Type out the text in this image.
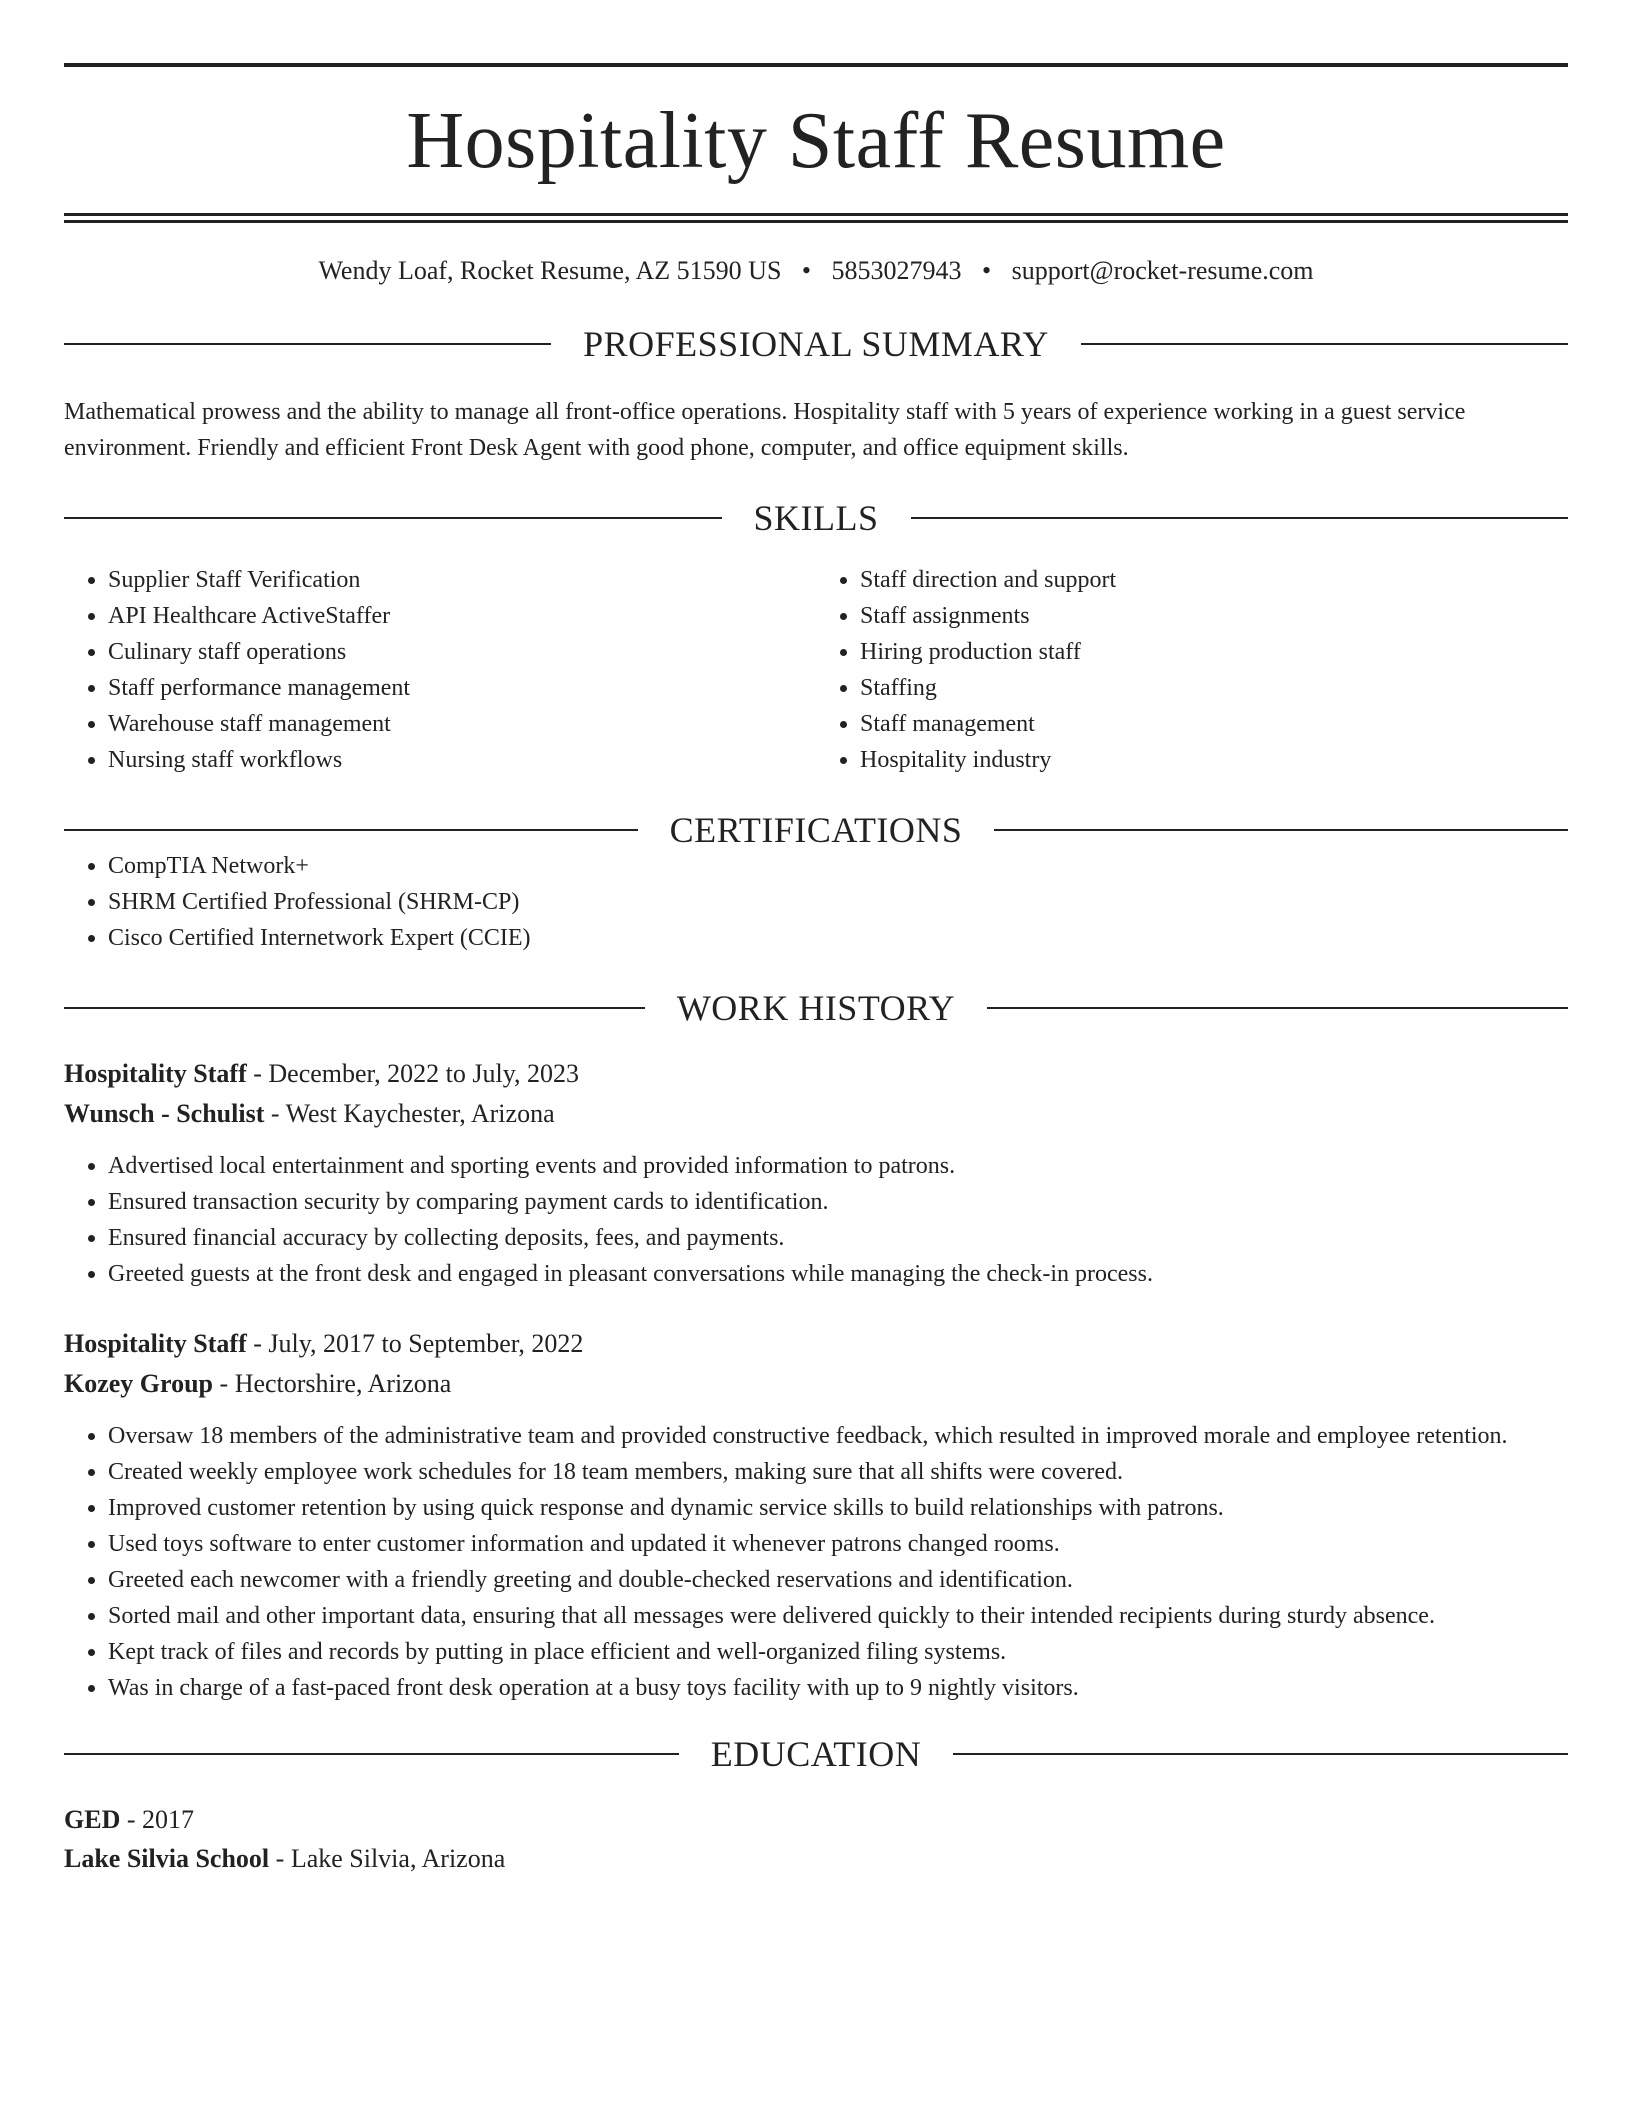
Hospitality Staff Resume
Wendy Loaf, Rocket Resume, AZ 51590 US • 5853027943 • support@rocket-resume.com
PROFESSIONAL SUMMARY
Mathematical prowess and the ability to manage all front-office operations. Hospitality staff with 5 years of experience working in a guest service environment. Friendly and efficient Front Desk Agent with good phone, computer, and office equipment skills.
SKILLS
• Supplier Staff Verification
• API Healthcare ActiveStaffer
• Culinary staff operations
• Staff performance management
• Warehouse staff management
• Nursing staff workflows
• Staff direction and support
• Staff assignments
• Hiring production staff
• Staffing
• Staff management
• Hospitality industry
CERTIFICATIONS
• CompTIA Network+
• SHRM Certified Professional (SHRM-CP)
• Cisco Certified Internetwork Expert (CCIE)
WORK HISTORY
Hospitality Staff - December, 2022 to July, 2023
Wunsch - Schulist - West Kaychester, Arizona
• Advertised local entertainment and sporting events and provided information to patrons.
• Ensured transaction security by comparing payment cards to identification.
• Ensured financial accuracy by collecting deposits, fees, and payments.
• Greeted guests at the front desk and engaged in pleasant conversations while managing the check-in process.
Hospitality Staff - July, 2017 to September, 2022
Kozey Group - Hectorshire, Arizona
• Oversaw 18 members of the administrative team and provided constructive feedback, which resulted in improved morale and employee retention.
• Created weekly employee work schedules for 18 team members, making sure that all shifts were covered.
• Improved customer retention by using quick response and dynamic service skills to build relationships with patrons.
• Used toys software to enter customer information and updated it whenever patrons changed rooms.
• Greeted each newcomer with a friendly greeting and double-checked reservations and identification.
• Sorted mail and other important data, ensuring that all messages were delivered quickly to their intended recipients during sturdy absence.
• Kept track of files and records by putting in place efficient and well-organized filing systems.
• Was in charge of a fast-paced front desk operation at a busy toys facility with up to 9 nightly visitors.
EDUCATION
GED - 2017
Lake Silvia School - Lake Silvia, Arizona
